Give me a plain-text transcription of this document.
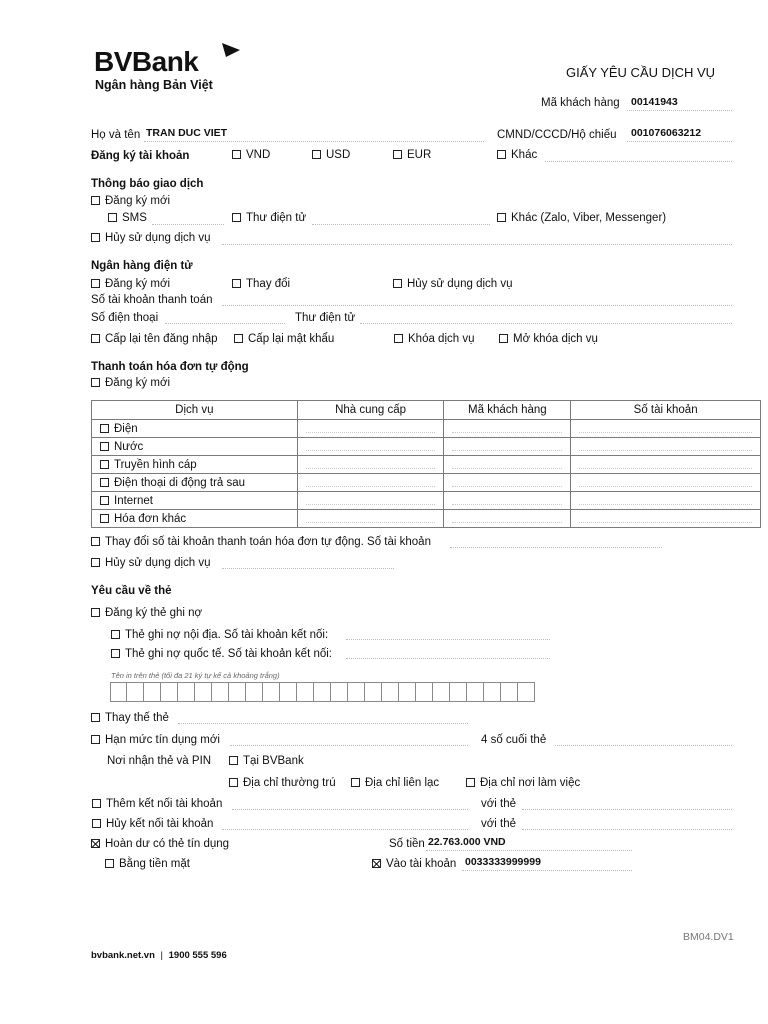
BVBank
Ngân hàng Bản Việt
GIẤY YÊU CẦU DỊCH VỤ
Mã khách hàng 00141943
Họ và tên TRAN DUC VIET	CMND/CCCD/Hộ chiếu 001076063212
Đăng ký tài khoản	VND	USD	EUR	Khác
Thông báo giao dịch
Đăng ký mới
SMS	Thư điện tử	Khác (Zalo, Viber, Messenger)
Hủy sử dụng dịch vụ
Ngân hàng điện tử
Đăng ký mới	Thay đổi	Hủy sử dụng dịch vụ
Số tài khoản thanh toán
Số điện thoại	Thư điện tử
Cấp lại tên đăng nhập	Cấp lại mật khẩu	Khóa dịch vụ	Mở khóa dịch vụ
Thanh toán hóa đơn tự động
Đăng ký mới
Dịch vụ	Nhà cung cấp	Mã khách hàng	Số tài khoản
Điện	

Nước	

Truyền hình cáp	

Điện thoại di động trả sau	

Internet	

Hóa đơn khác	

Thay đổi số tài khoản thanh toán hóa đơn tự động. Số tài khoản
Hủy sử dụng dịch vụ
Yêu cầu về thẻ
Đăng ký thẻ ghi nợ
Thẻ ghi nợ nội địa. Số tài khoản kết nối:
Thẻ ghi nợ quốc tế. Số tài khoản kết nối:
Tên in trên thẻ (tối đa 21 ký tự kể cả khoảng trắng)
Thay thế thẻ
Hạn mức tín dụng mới	4 số cuối thẻ
Nơi nhận thẻ và PIN	Tại BVBank
Địa chỉ thường trú	Địa chỉ liên lạc	Địa chỉ nơi làm việc
Thêm kết nối tài khoản	với thẻ
Hủy kết nối tài khoản	với thẻ
Hoàn dư có thẻ tín dụng	Số tiền 22.763.000 VND
Bằng tiền mặt	Vào tài khoản 0033333999999
BM04.DV1
bvbank.net.vn | 1900 555 596
